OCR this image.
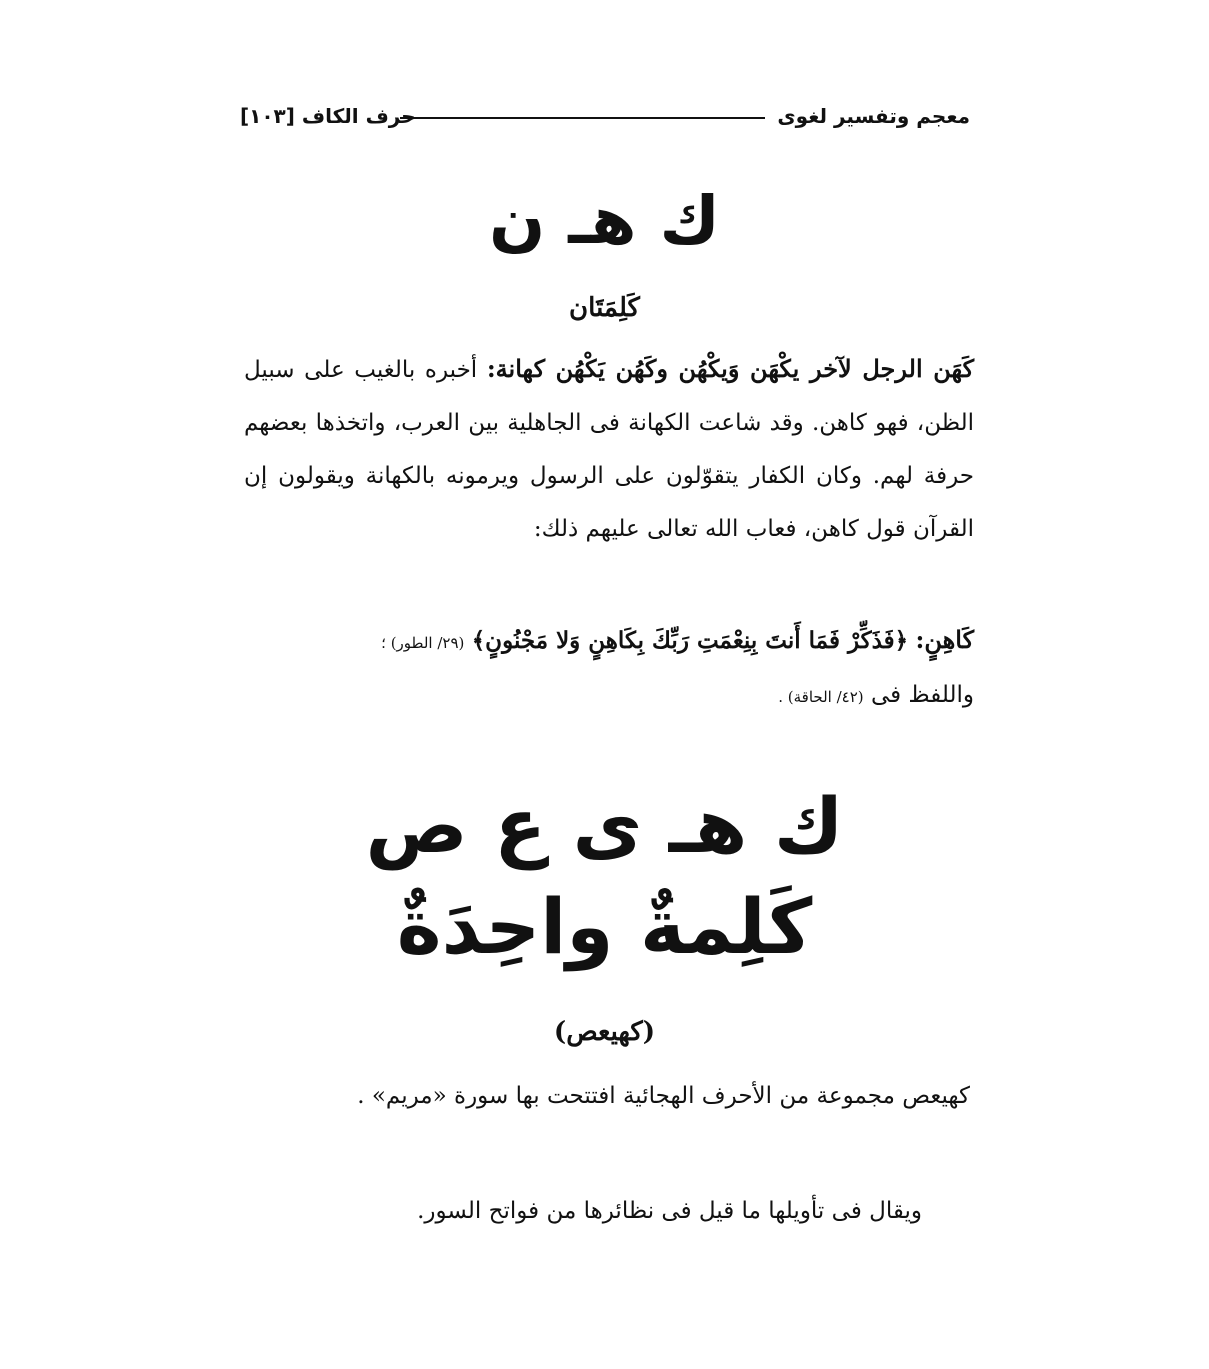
معجم وتفسير لغوى
حرف الكاف [١٠٣]
ك هـ ن
كَلِمَتَان
كَهَن الرجل لآخر يكْهَن وَيكْهُن وكَهُن يَكْهُن كهانة: أخبره بالغيب على سبيل الظن، فهو كاهن. وقد شاعت الكهانة فى الجاهلية بين العرب، واتخذها بعضهم حرفة لهم. وكان الكفار يتقوّلون على الرسول ويرمونه بالكهانة ويقولون إن القرآن قول كاهن، فعاب الله تعالى عليهم ذلك:
كَاهِنٍ: ﴿فَذَكِّرْ فَمَا أَنتَ بِنِعْمَتِ رَبِّكَ بِكَاهِنٍ وَلا مَجْنُونٍ﴾ (٢٩/ الطور) ؛
واللفظ فى (٤٢/ الحاقة) .
ك هـ ى ع ص
كَلِمةٌ واحِدَةٌ
(كهيعص)
كهيعص مجموعة من الأحرف الهجائية افتتحت بها سورة «مريم» .
ويقال فى تأويلها ما قيل فى نظائرها من فواتح السور.
